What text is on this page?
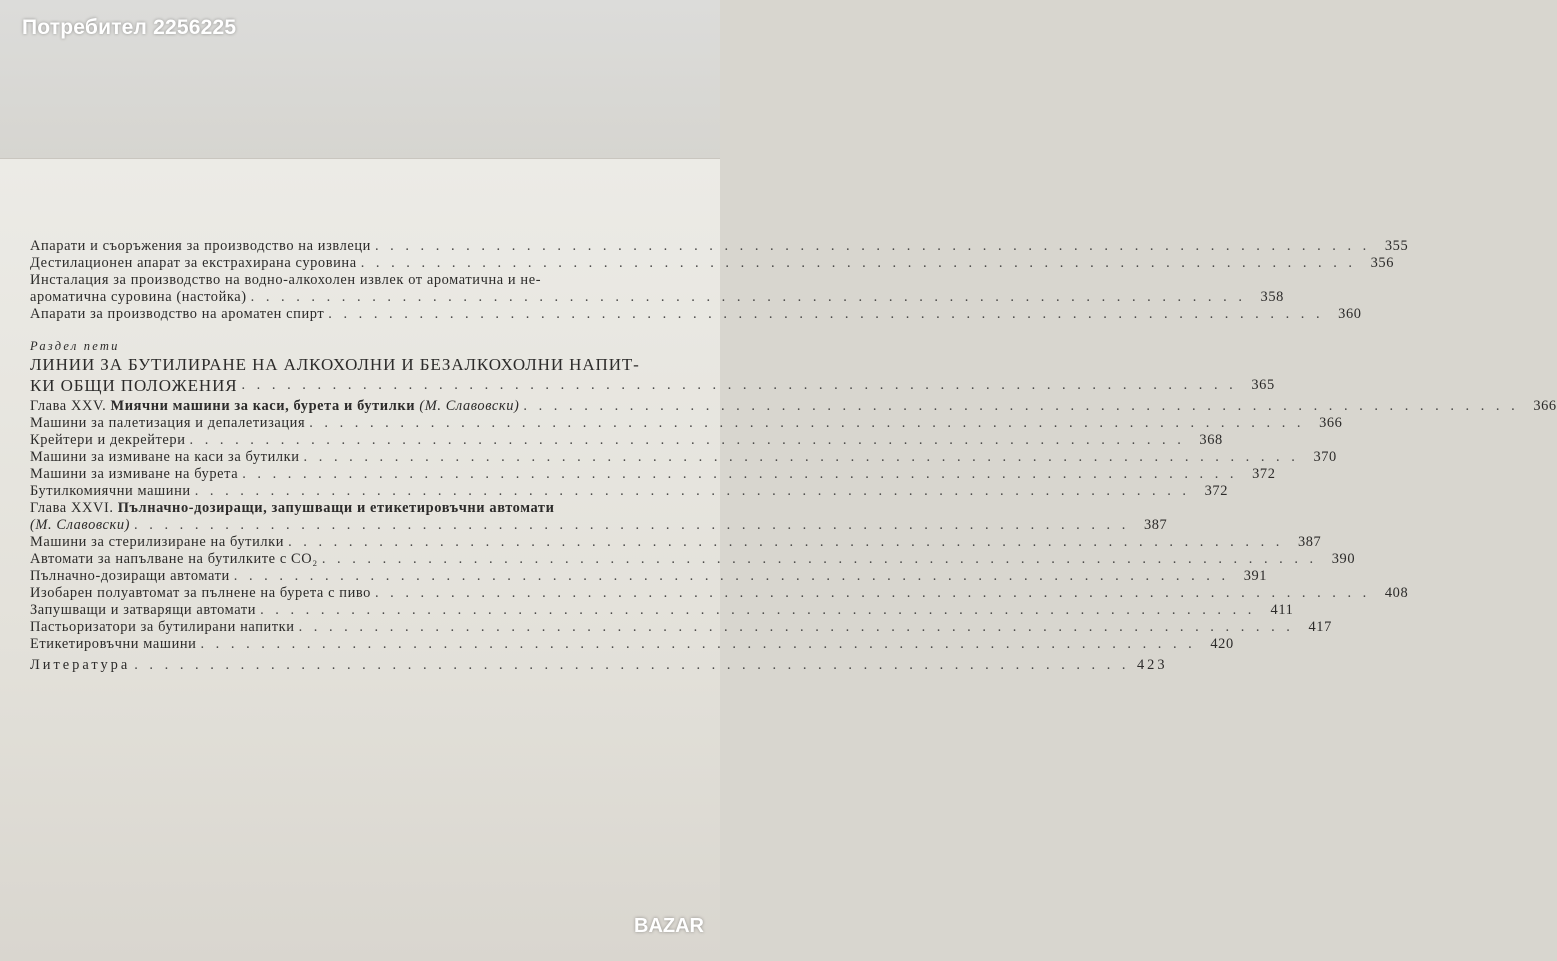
Потребител 2256225
Апарати и съоръжения за производство на извлеци . . . . . . . . . . . . . . . . . . . . . . . . . . . . . . . . . . . . . . . . . . . . . . . . . . . . . . . . . . . . . . . . . .	355
Дестилационен апарат за екстрахирана суровина . . . . . . . . . . . . . . . . . . . . . . . . . . . . . . . . . . . . . . . . . . . . . . . . . . . . . . . . . . . . . . . . . .	356
Инсталация за производство на водно-алкохолен извлек от ароматична и не-
ароматична суровина (настойка) . . . . . . . . . . . . . . . . . . . . . . . . . . . . . . . . . . . . . . . . . . . . . . . . . . . . . . . . . . . . . . . . . .	358
Апарати за производство на ароматен спирт . . . . . . . . . . . . . . . . . . . . . . . . . . . . . . . . . . . . . . . . . . . . . . . . . . . . . . . . . . . . . . . . . .	360
Раздел пети
ЛИНИИ ЗА БУТИЛИРАНЕ НА АЛКОХОЛНИ И БЕЗАЛКОХОЛНИ НАПИТ-
КИ ОБЩИ ПОЛОЖЕНИЯ . . . . . . . . . . . . . . . . . . . . . . . . . . . . . . . . . . . . . . . . . . . . . . . . . . . . . . . . . . . . . . . . . .	365
Глава XXV. Миячни машини за каси, бурета и бутилки (М. Славовски) . . . . . . . . . . . . . . . . . . . . . . . . . . . . . . . . . . . . . . . . . . . . . . . . . . . . . . . . . . . . . . . . . .	366
Машини за палетизация и депалетизация . . . . . . . . . . . . . . . . . . . . . . . . . . . . . . . . . . . . . . . . . . . . . . . . . . . . . . . . . . . . . . . . . .	366
Крейтери и декрейтери . . . . . . . . . . . . . . . . . . . . . . . . . . . . . . . . . . . . . . . . . . . . . . . . . . . . . . . . . . . . . . . . . .	368
Машини за измиване на каси за бутилки . . . . . . . . . . . . . . . . . . . . . . . . . . . . . . . . . . . . . . . . . . . . . . . . . . . . . . . . . . . . . . . . . .	370
Машини за измиване на бурета . . . . . . . . . . . . . . . . . . . . . . . . . . . . . . . . . . . . . . . . . . . . . . . . . . . . . . . . . . . . . . . . . .	372
Бутилкомиячни машини . . . . . . . . . . . . . . . . . . . . . . . . . . . . . . . . . . . . . . . . . . . . . . . . . . . . . . . . . . . . . . . . . .	372
Глава XXVI. Пълначно-дозиращи, запушващи и етикетировъчни автомати
(М. Славовски) . . . . . . . . . . . . . . . . . . . . . . . . . . . . . . . . . . . . . . . . . . . . . . . . . . . . . . . . . . . . . . . . . .	387
Машини за стерилизиране на бутилки . . . . . . . . . . . . . . . . . . . . . . . . . . . . . . . . . . . . . . . . . . . . . . . . . . . . . . . . . . . . . . . . . .	387
Автомати за напълване на бутилките с CO₂ . . . . . . . . . . . . . . . . . . . . . . . . . . . . . . . . . . . . . . . . . . . . . . . . . . . . . . . . . . . . . . . . . .	390
Пълначно-дозиращи автомати . . . . . . . . . . . . . . . . . . . . . . . . . . . . . . . . . . . . . . . . . . . . . . . . . . . . . . . . . . . . . . . . . .	391
Изобарен полуавтомат за пълнене на бурета с пиво . . . . . . . . . . . . . . . . . . . . . . . . . . . . . . . . . . . . . . . . . . . . . . . . . . . . . . . . . . . . . . . . . .	408
Запушващи и затварящи автомати . . . . . . . . . . . . . . . . . . . . . . . . . . . . . . . . . . . . . . . . . . . . . . . . . . . . . . . . . . . . . . . . . .	411
Пастьоризатори за бутилирани напитки . . . . . . . . . . . . . . . . . . . . . . . . . . . . . . . . . . . . . . . . . . . . . . . . . . . . . . . . . . . . . . . . . .	417
Етикетировъчни машини . . . . . . . . . . . . . . . . . . . . . . . . . . . . . . . . . . . . . . . . . . . . . . . . . . . . . . . . . . . . . . . . . .	420
Литература . . . . . . . . . . . . . . . . . . . . . . . . . . . . . . . . . . . . . . . . . . . . . . . . . . . . . . . . . . . . . . . . . . 423
BAZAR
